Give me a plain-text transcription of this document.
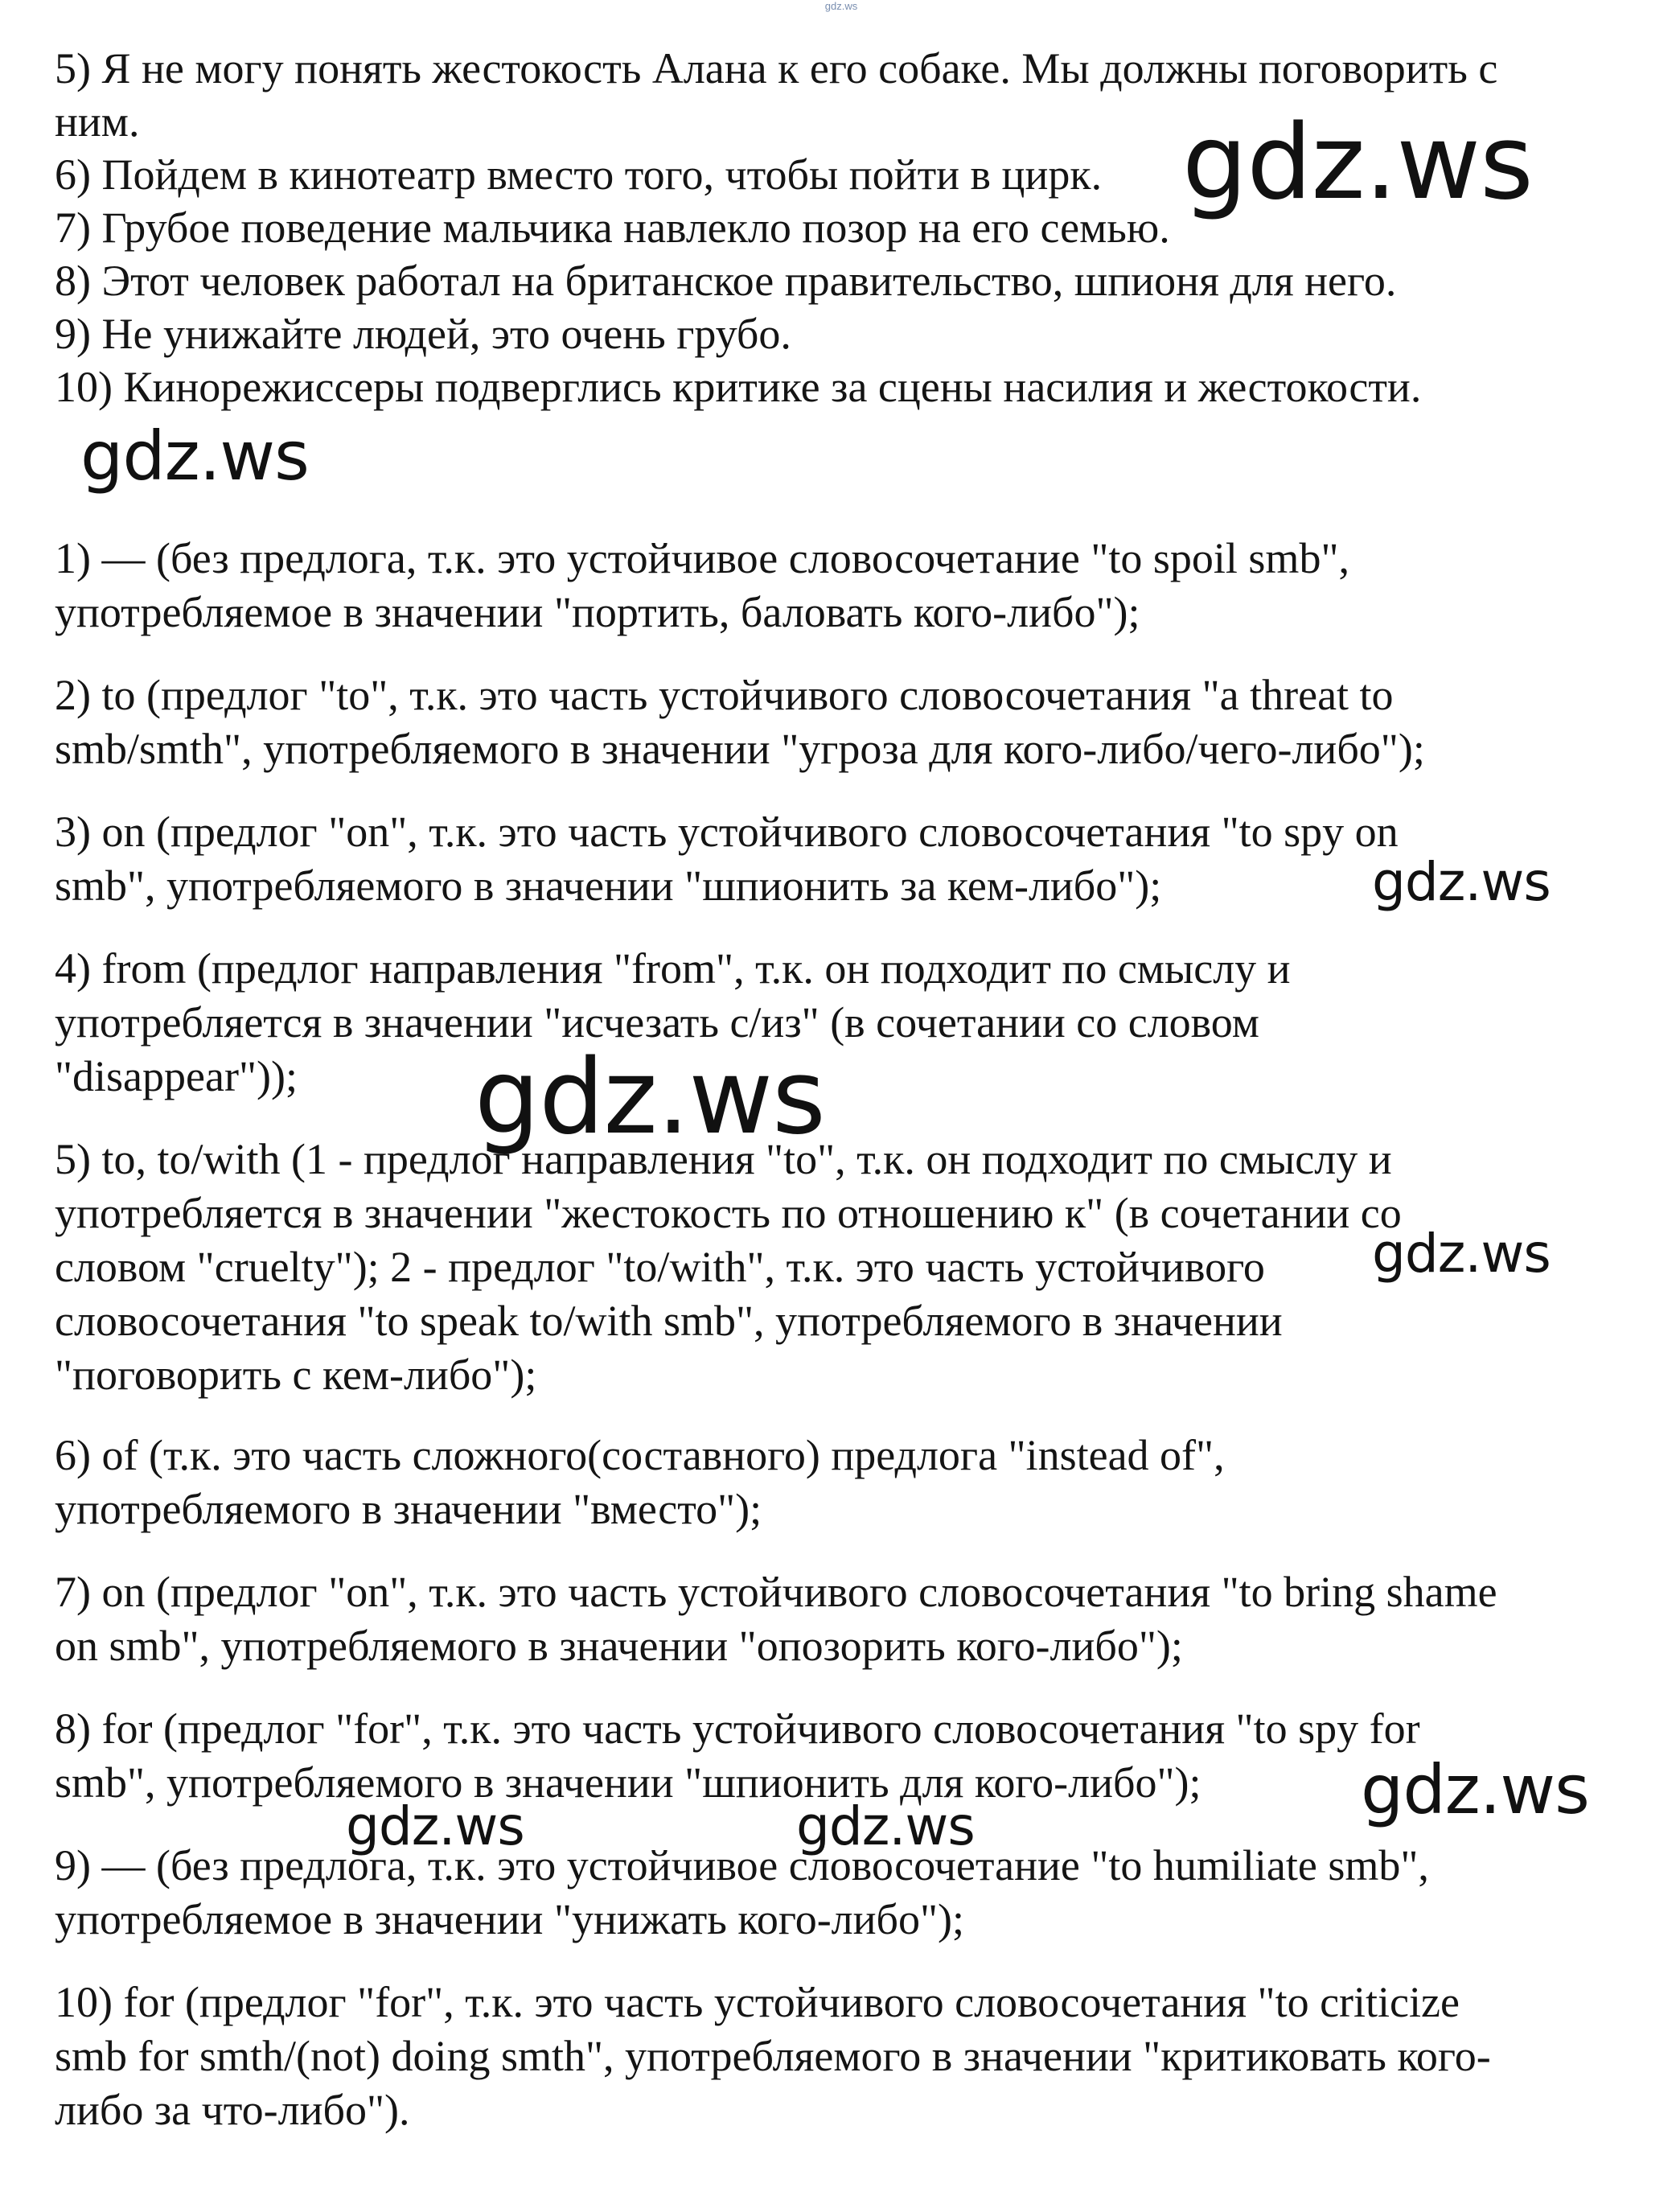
gdz.ws
5) Я не могу понять жестокость Алана к его собаке. Мы должны поговорить с
ним.
6) Пойдем в кинотеатр вместо того, чтобы пойти в цирк.
7) Грубое поведение мальчика навлекло позор на его семью.
8) Этот человек работал на британское правительство, шпионя для него.
9) Не унижайте людей, это очень грубо.
10) Кинорежиссеры подверглись критике за сцены насилия и жестокости.
1) — (без предлога, т.к. это устойчивое словосочетание "to spoil smb",
употребляемое в значении "портить, баловать кого-либо");
2) to (предлог "to", т.к. это часть устойчивого словосочетания "a threat to
smb/smth", употребляемого в значении "угроза для кого-либо/чего-либо");
3) on (предлог "on", т.к. это часть устойчивого словосочетания "to spy on
smb", употребляемого в значении "шпионить за кем-либо");
4) from (предлог направления "from", т.к. он подходит по смыслу и
употребляется в значении "исчезать с/из" (в сочетании со словом
"disappear"));
5) to, to/with (1 - предлог направления "to", т.к. он подходит по смыслу и
употребляется в значении "жестокость по отношению к" (в сочетании со
словом "cruelty"); 2 - предлог "to/with", т.к. это часть устойчивого
словосочетания "to speak to/with smb", употребляемого в значении
"поговорить с кем-либо");
6) of (т.к. это часть сложного(составного) предлога "instead of",
употребляемого в значении "вместо");
7) on (предлог "on", т.к. это часть устойчивого словосочетания "to bring shame
on smb", употребляемого в значении "опозорить кого-либо");
8) for (предлог "for", т.к. это часть устойчивого словосочетания "to spy for
smb", употребляемого в значении "шпионить для кого-либо");
9) — (без предлога, т.к. это устойчивое словосочетание "to humiliate smb",
употребляемое в значении "унижать кого-либо");
10) for (предлог "for", т.к. это часть устойчивого словосочетания "to criticize
smb for smth/(not) doing smth", употребляемого в значении "критиковать кого-
либо за что-либо").
gdz.ws
gdz.ws
gdz.ws
gdz.ws
gdz.ws
gdz.ws
gdz.ws	gdz.ws
